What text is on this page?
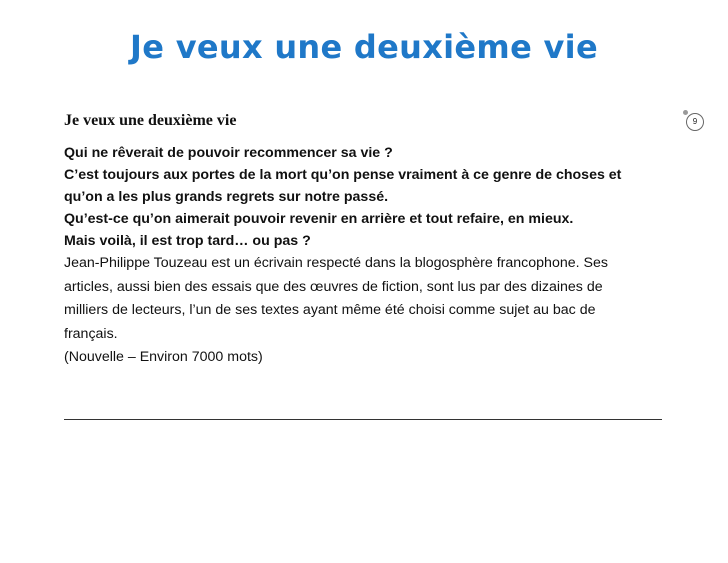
Je veux une deuxième vie
Je veux une deuxième vie	9

Qui ne rêverait de pouvoir recommencer sa vie ?

C’est toujours aux portes de la mort qu’on pense vraiment à ce genre de choses et

qu’on a les plus grands regrets sur notre passé.

Qu’est-ce qu’on aimerait pouvoir revenir en arrière et tout refaire, en mieux.

Mais voilà, il est trop tard… ou pas ?

Jean-Philippe Touzeau est un écrivain respecté dans la blogosphère francophone. Ses

articles, aussi bien des essais que des œuvres de fiction, sont lus par des dizaines de

milliers de lecteurs, l’un de ses textes ayant même été choisi comme sujet au bac de

français.

(Nouvelle – Environ 7000 mots)
